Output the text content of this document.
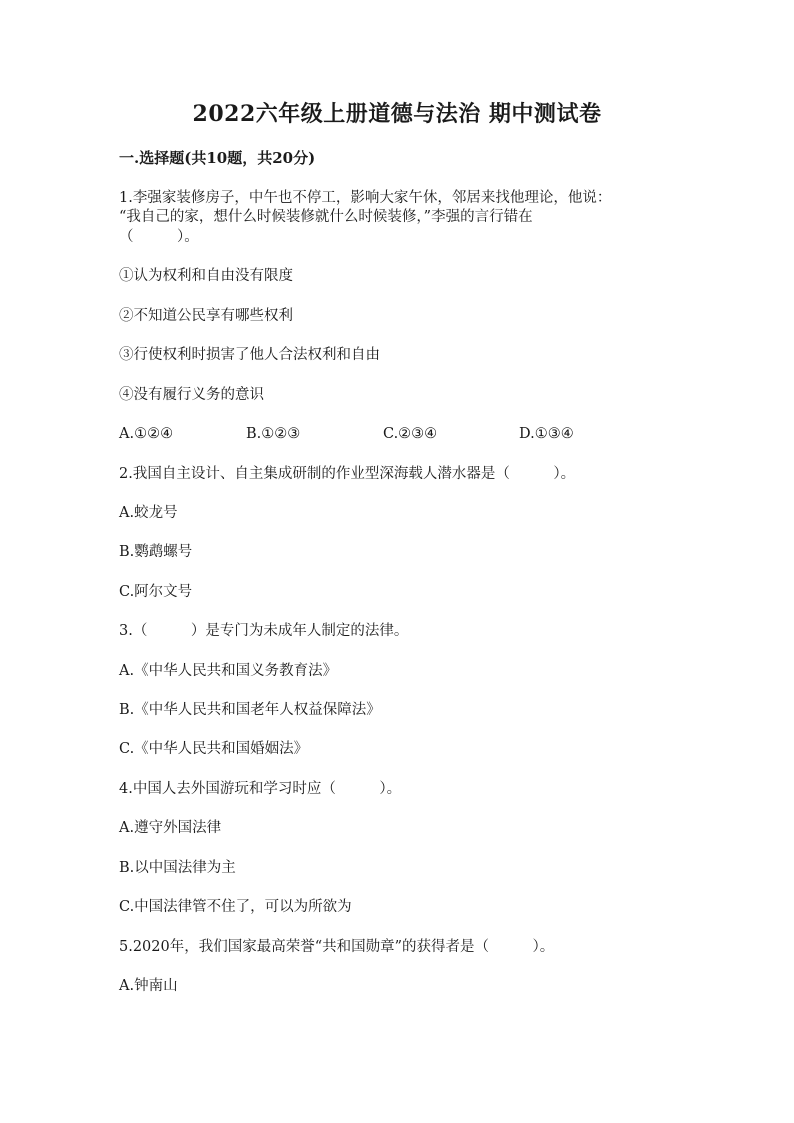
2022六年级上册道德与法治 期中测试卷
一.选择题(共10题，共20分)
1.李强家装修房子，中午也不停工，影响大家午休，邻居来找他理论，他说：
“我自己的家，想什么时候装修就什么时候装修，”李强的言行错在
（　　　）。
①认为权利和自由没有限度
②不知道公民享有哪些权利
③行使权利时损害了他人合法权利和自由
④没有履行义务的意识
A.①②④	B.①②③	C.②③④	D.①③④
2.我国自主设计、自主集成研制的作业型深海载人潜水器是（　　　）。
A.蛟龙号
B.鹦鹉螺号
C.阿尔文号
3.（　　　）是专门为未成年人制定的法律。
A.《中华人民共和国义务教育法》
B.《中华人民共和国老年人权益保障法》
C.《中华人民共和国婚姻法》
4.中国人去外国游玩和学习时应（　　　）。
A.遵守外国法律
B.以中国法律为主
C.中国法律管不住了，可以为所欲为
5.2020年，我们国家最高荣誉“共和国勋章”的获得者是（　　　）。
A.钟南山
